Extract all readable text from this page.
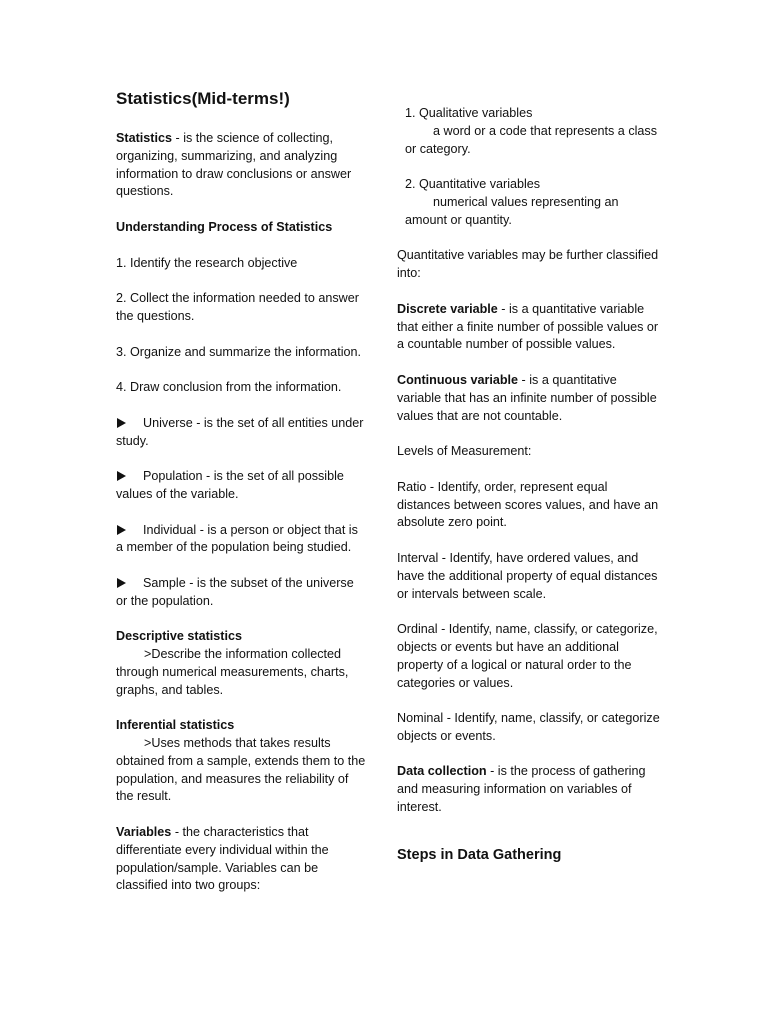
Statistics(Mid-terms!)

Statistics - is the science of collecting, organizing, summarizing, and analyzing information to draw conclusions or answer questions.

Understanding Process of Statistics

1. Identify the research objective

2. Collect the information needed to answer the questions.

3. Organize and summarize the information.

4. Draw conclusion from the information.

Universe - is the set of all entities under study.

Population - is the set of all possible values of the variable.

Individual - is a person or object that is a member of the population being studied.

Sample - is the subset of the universe or the population.

Descriptive statistics

>Describe the information collected through numerical measurements, charts, graphs, and tables.

Inferential statistics

>Uses methods that takes results obtained from a sample, extends them to the population, and measures the reliability of the result.

Variables - the characteristics that differentiate every individual within the population/sample. Variables can be classified into two groups:

1. Qualitative variables
a word or a code that represents a class or category.
2. Quantitative variables
numerical values representing an amount or quantity.

Quantitative variables may be further classified into:

Discrete variable - is a quantitative variable that either a finite number of possible values or a countable number of possible values.

Continuous variable - is a quantitative variable that has an infinite number of possible values that are not countable.

Levels of Measurement:

Ratio - Identify, order, represent equal distances between scores values, and have an absolute zero point.

Interval - Identify, have ordered values, and have the additional property of equal distances or intervals between scale.

Ordinal - Identify, name, classify, or categorize, objects or events but have an additional property of a logical or natural order to the categories or values.

Nominal - Identify, name, classify, or categorize objects or events.

Data collection - is the process of gathering and measuring information on variables of interest.

Steps in Data Gathering
